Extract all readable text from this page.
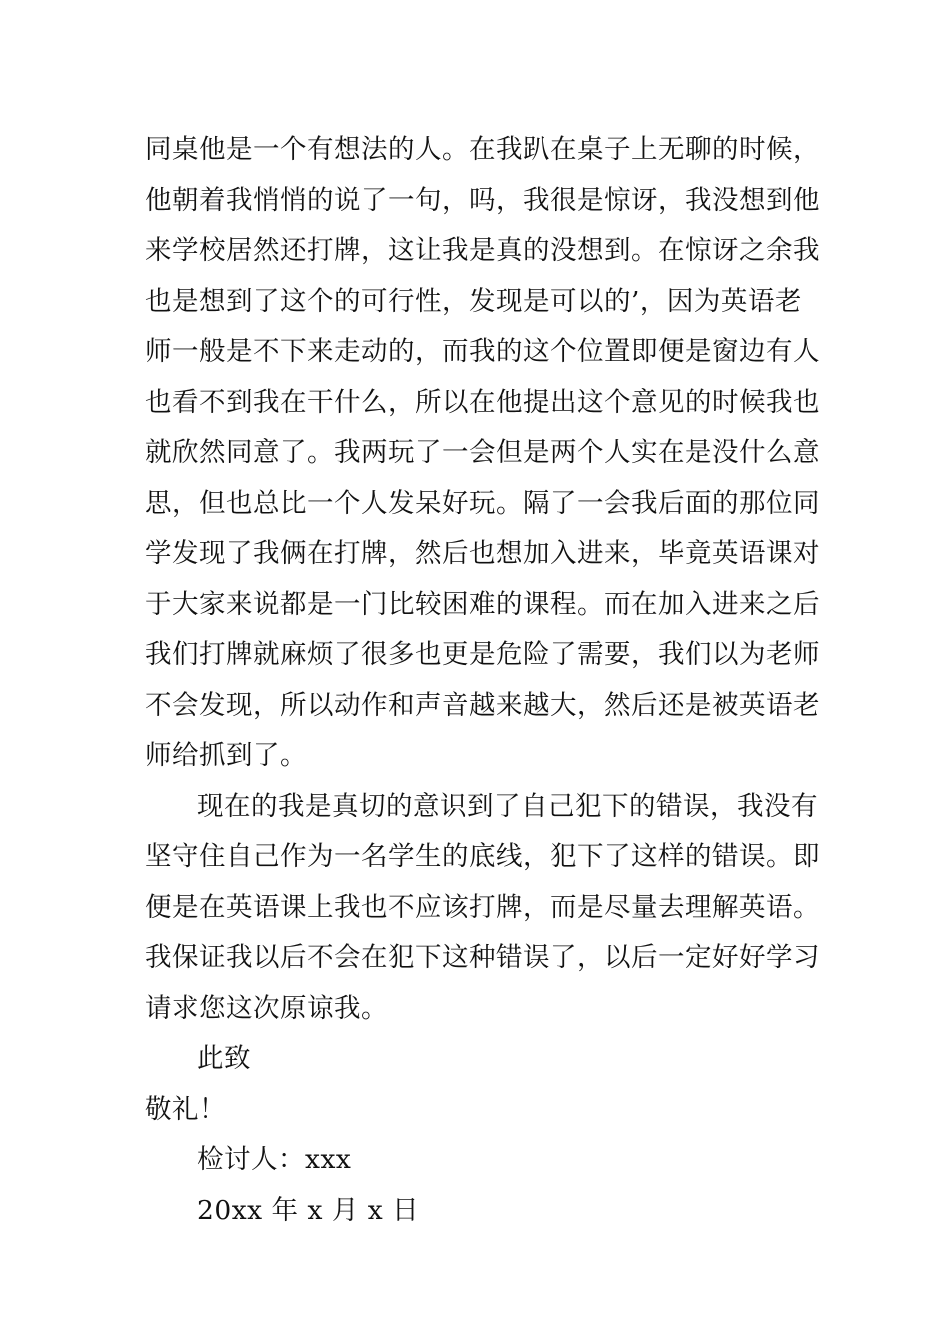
同桌他是一个有想法的人。在我趴在桌子上无聊的时候，
他朝着我悄悄的说了一句，吗，我很是惊讶，我没想到他
来学校居然还打牌，这让我是真的没想到。在惊讶之余我
也是想到了这个的可行性，发现是可以的’，因为英语老
师一般是不下来走动的，而我的这个位置即便是窗边有人
也看不到我在干什么，所以在他提出这个意见的时候我也
就欣然同意了。我两玩了一会但是两个人实在是没什么意
思，但也总比一个人发呆好玩。隔了一会我后面的那位同
学发现了我俩在打牌，然后也想加入进来，毕竟英语课对
于大家来说都是一门比较困难的课程。而在加入进来之后
我们打牌就麻烦了很多也更是危险了需要，我们以为老师
不会发现，所以动作和声音越来越大，然后还是被英语老
师给抓到了。
现在的我是真切的意识到了自己犯下的错误，我没有
坚守住自己作为一名学生的底线，犯下了这样的错误。即
便是在英语课上我也不应该打牌，而是尽量去理解英语。
我保证我以后不会在犯下这种错误了，以后一定好好学习
请求您这次原谅我。
此致
敬礼！
检讨人：xxx
20xx 年 x 月 x 日
